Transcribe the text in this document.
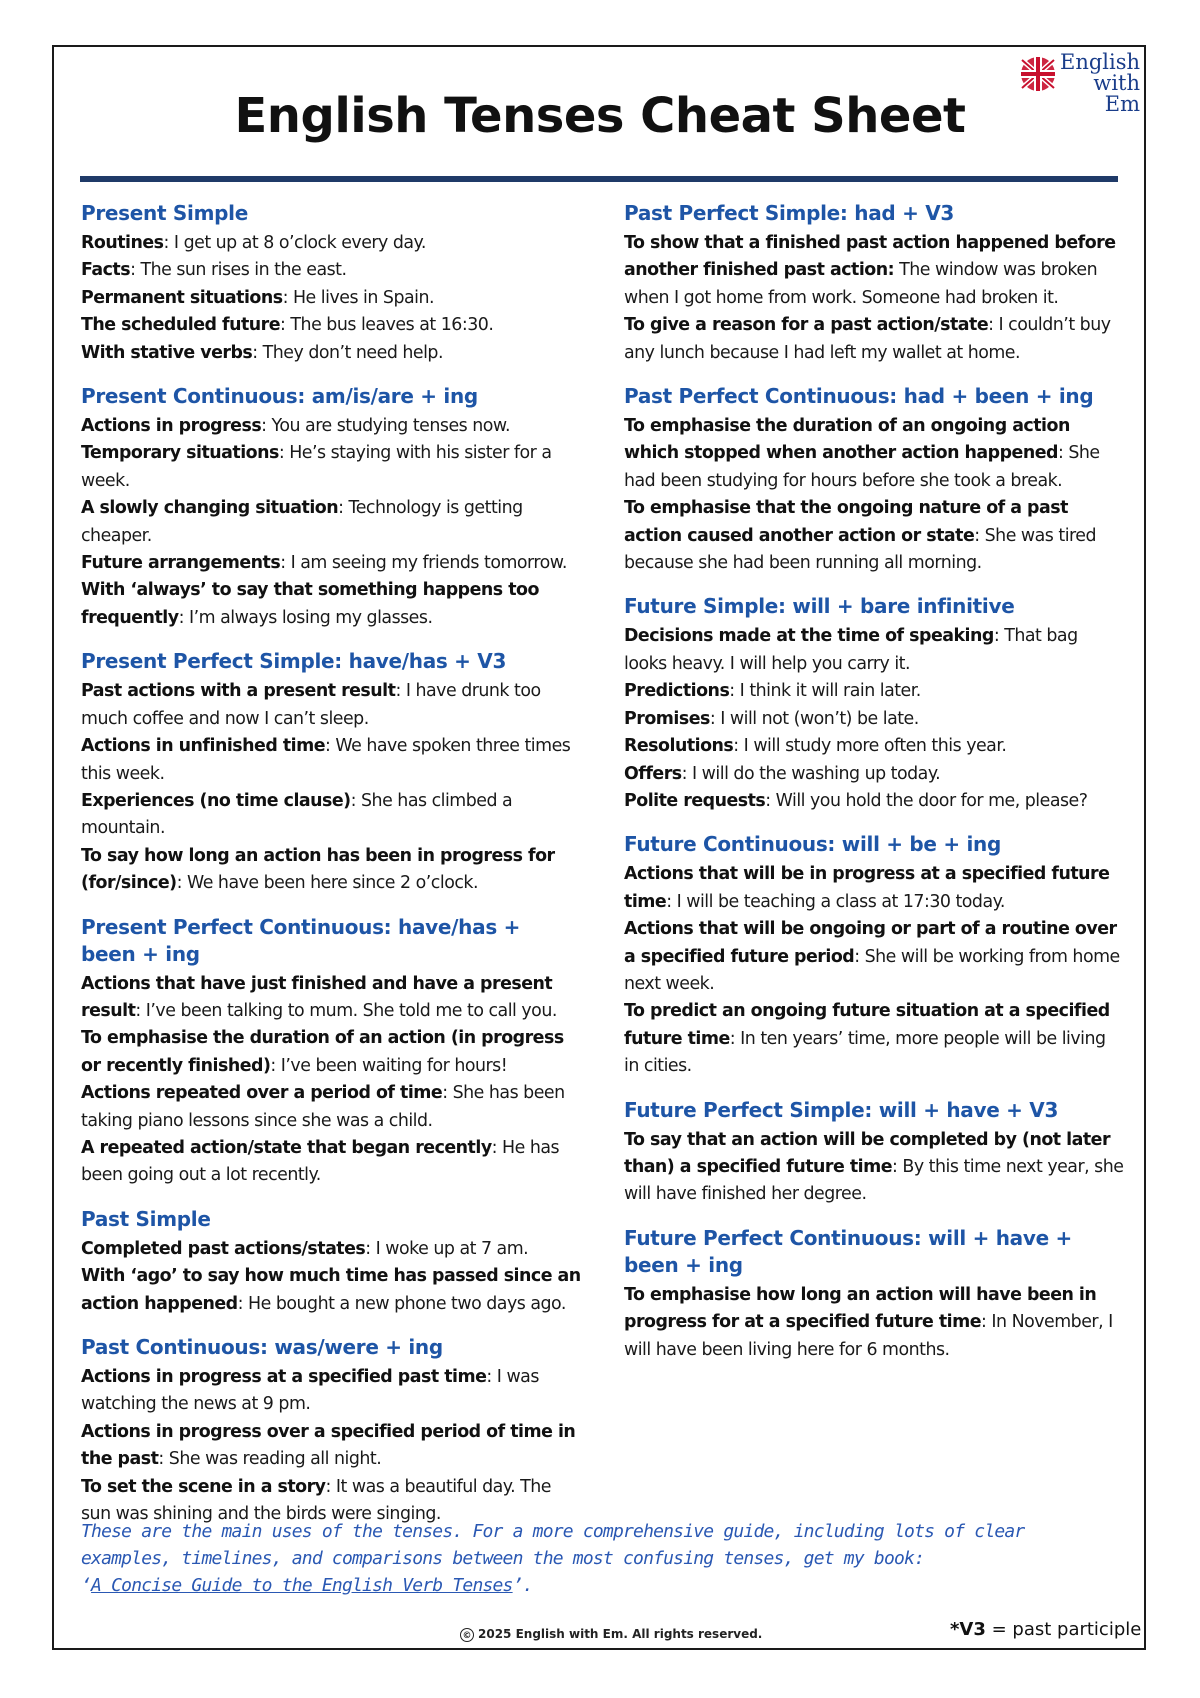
English
with Em
English Tenses Cheat Sheet
Present Simple
Routines: I get up at 8 o’clock every day.
Facts: The sun rises in the east.
Permanent situations: He lives in Spain.
The scheduled future: The bus leaves at 16:30.
With stative verbs: They don’t need help.
Present Continuous: am/is/are + ing
Actions in progress: You are studying tenses now.
Temporary situations: He’s staying with his sister for a week.
A slowly changing situation: Technology is getting cheaper.
Future arrangements: I am seeing my friends tomorrow.
With ‘always’ to say that something happens too frequently: I’m always losing my glasses.
Present Perfect Simple: have/has + V3
Past actions with a present result: I have drunk too much coffee and now I can’t sleep.
Actions in unfinished time: We have spoken three times this week.
Experiences (no time clause): She has climbed a mountain.
To say how long an action has been in progress for (for/since): We have been here since 2 o’clock.
Present Perfect Continuous: have/has + been + ing
Actions that have just finished and have a present result: I’ve been talking to mum. She told me to call you.
To emphasise the duration of an action (in progress or recently finished): I’ve been waiting for hours!
Actions repeated over a period of time: She has been taking piano lessons since she was a child.
A repeated action/state that began recently: He has been going out a lot recently.
Past Simple
Completed past actions/states: I woke up at 7 am.
With ‘ago’ to say how much time has passed since an action happened: He bought a new phone two days ago.
Past Continuous: was/were + ing
Actions in progress at a specified past time: I was watching the news at 9 pm.
Actions in progress over a specified period of time in the past: She was reading all night.
To set the scene in a story: It was a beautiful day. The sun was shining and the birds were singing.
Past Perfect Simple: had + V3
To show that a finished past action happened before another finished past action: The window was broken when I got home from work. Someone had broken it.
To give a reason for a past action/state: I couldn’t buy any lunch because I had left my wallet at home.
Past Perfect Continuous: had + been + ing
To emphasise the duration of an ongoing action which stopped when another action happened: She had been studying for hours before she took a break.
To emphasise that the ongoing nature of a past action caused another action or state: She was tired because she had been running all morning.
Future Simple: will + bare infinitive
Decisions made at the time of speaking: That bag looks heavy. I will help you carry it.
Predictions: I think it will rain later.
Promises: I will not (won’t) be late.
Resolutions: I will study more often this year.
Offers: I will do the washing up today.
Polite requests: Will you hold the door for me, please?
Future Continuous: will + be + ing
Actions that will be in progress at a specified future time: I will be teaching a class at 17:30 today.
Actions that will be ongoing or part of a routine over a specified future period: She will be working from home next week.
To predict an ongoing future situation at a specified future time: In ten years’ time, more people will be living in cities.
Future Perfect Simple: will + have + V3
To say that an action will be completed by (not later than) a specified future time: By this time next year, she will have finished her degree.
Future Perfect Continuous: will + have + been + ing
To emphasise how long an action will have been in progress for at a specified future time: In November, I will have been living here for 6 months.
These are the main uses of the tenses. For a more comprehensive guide, including lots of clear examples, timelines, and comparisons between the most confusing tenses, get my book:
‘A Concise Guide to the English Verb Tenses’.
© 2025 English with Em. All rights reserved.	*V3 = past participle
